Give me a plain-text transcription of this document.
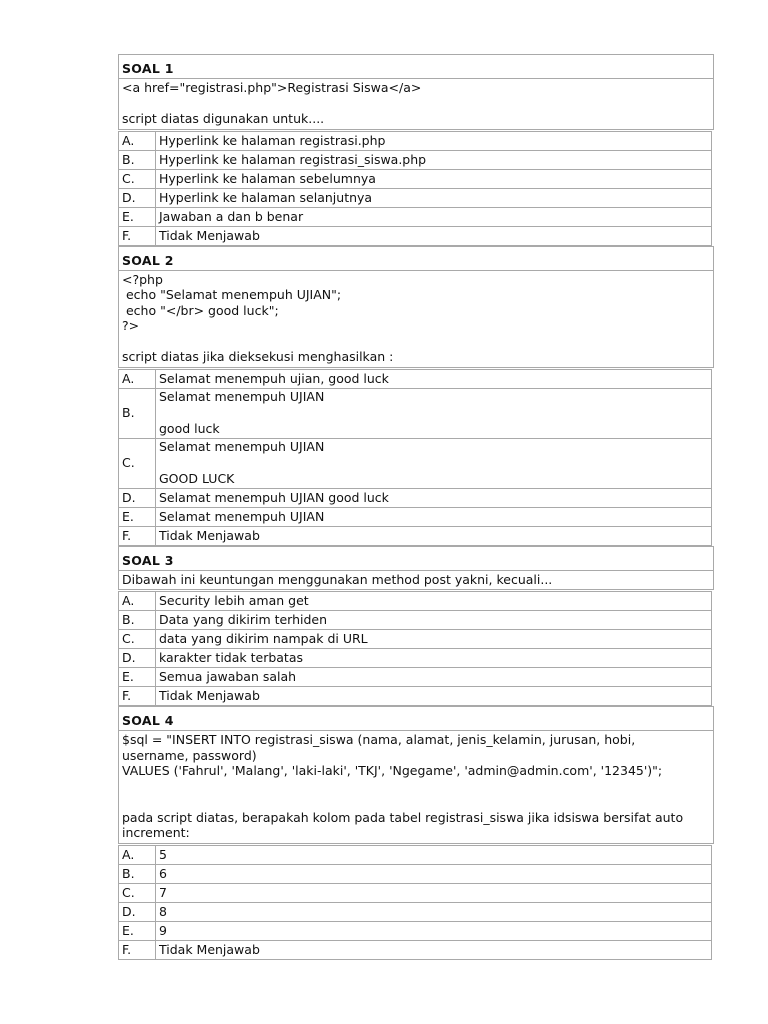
SOAL 1
<a href="registrasi.php">Registrasi Siswa</a>

script diatas digunakan untuk....
A.	Hyperlink ke halaman registrasi.php
B.	Hyperlink ke halaman registrasi_siswa.php
C.	Hyperlink ke halaman sebelumnya
D.	Hyperlink ke halaman selanjutnya
E.	Jawaban a dan b benar
F.	Tidak Menjawab
SOAL 2
<?php
echo "Selamat menempuh UJIAN";
echo "</br> good luck";
?>

script diatas jika dieksekusi menghasilkan :
A.	Selamat menempuh ujian, good luck
B.	Selamat menempuh UJIAN
good luck

C.	Selamat menempuh UJIAN
GOOD LUCK

D.	Selamat menempuh UJIAN good luck
E.	Selamat menempuh UJIAN
F.	Tidak Menjawab
SOAL 3
Dibawah ini keuntungan menggunakan method post yakni, kecuali...
A.	Security lebih aman get
B.	Data yang dikirim terhiden
C.	data yang dikirim nampak di URL
D.	karakter tidak terbatas
E.	Semua jawaban salah
F.	Tidak Menjawab
SOAL 4
$sql = "INSERT INTO registrasi_siswa (nama, alamat, jenis_kelamin, jurusan, hobi,
username, password)
VALUES ('Fahrul', 'Malang', 'laki-laki', 'TKJ', 'Ngegame', 'admin@admin.com', '12345')";

pada script diatas, berapakah kolom pada tabel registrasi_siswa jika idsiswa bersifat auto
increment:
A.	5
B.	6
C.	7
D.	8
E.	9
F.	Tidak Menjawab
